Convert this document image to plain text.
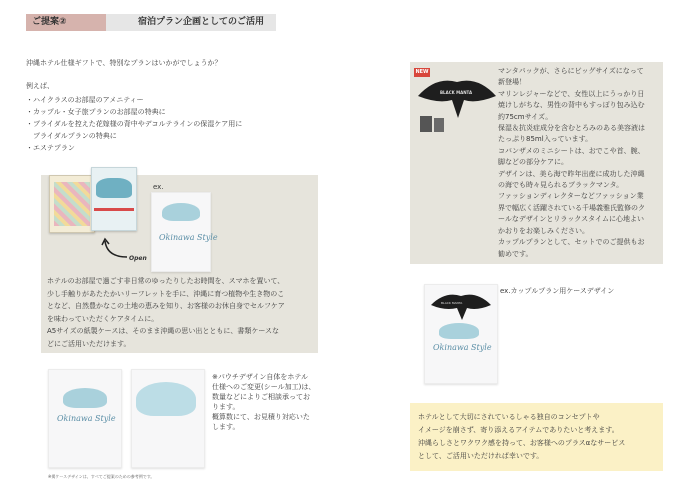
ご提案②	宿泊プラン企画としてのご活用
沖縄ホテル仕様ギフトで、特別なプランはいかがでしょうか？
例えば、
・ハイクラスのお部屋のアメニティー
・カップル・女子旅プランのお部屋の特典に
・ブライダルを控えた花嫁様の背中やデコルテラインの保湿ケア用に
　ブライダルプランの特典に
・エステプラン
Open
ex.
Okinawa Style
ホテルのお部屋で過ごす非日常のゆったりしたお時間を、スマホを置いて、
少し手触りがあたたかいリーフレットを手に、沖縄に育つ植物や生き物のこ
となど、自然豊かなこの土地の恵みを知り、お客様のお休自身でセルフケア
を味わっていただくケアタイムに。
A5サイズの紙製ケースは、そのまま沖縄の思い出とともに、書類ケースな
どにご活用いただけます。
Okinawa Style
※パウチデザイン自体をホテル
仕様へのご変更(シール加工)は、
数量などによりご相談承ってお
ります。
概算数にて、お見積り対応いた
します。
※掲ケースデザインは、すべてご提案のための参考例です。
NEW
BLACK MANTA
マンタパックが、さらにビッグサイズになって
新登場！
マリンレジャーなどで、女性以上にうっかり日
焼けしがちな、男性の背中もすっぽり包み込む
約75cmサイズ。
保湿＆抗炎症成分を含むとろみのある美容液は
たっぷり85ml入っています。
コバンザメのミニシートは、おでこや首、腕、
脚などの部分ケアに。
デザインは、美ら海で昨年出産に成功した沖縄
の海でも時々見られるブラックマンタ。
ファッションディレクターなどファッション業
界で幅広く活躍されている千場義雅氏監修のク
ールなデザインとリラックスタイムに心地よい
かおりをお楽しみください。
カップルプランとして、セットでのご提供もお
勧めです。
BLACK MANTA
Okinawa Style
ex.カップルプラン用ケースデザイン
ホテルとして大切にされているしゃる独自のコンセプトや
イメージを崩さず、寄り添えるアイテムでありたいと考えます。
沖縄らしさとワクワク感を持って、お客様へのプラスαなサービス
として、ご活用いただければ幸いです。
